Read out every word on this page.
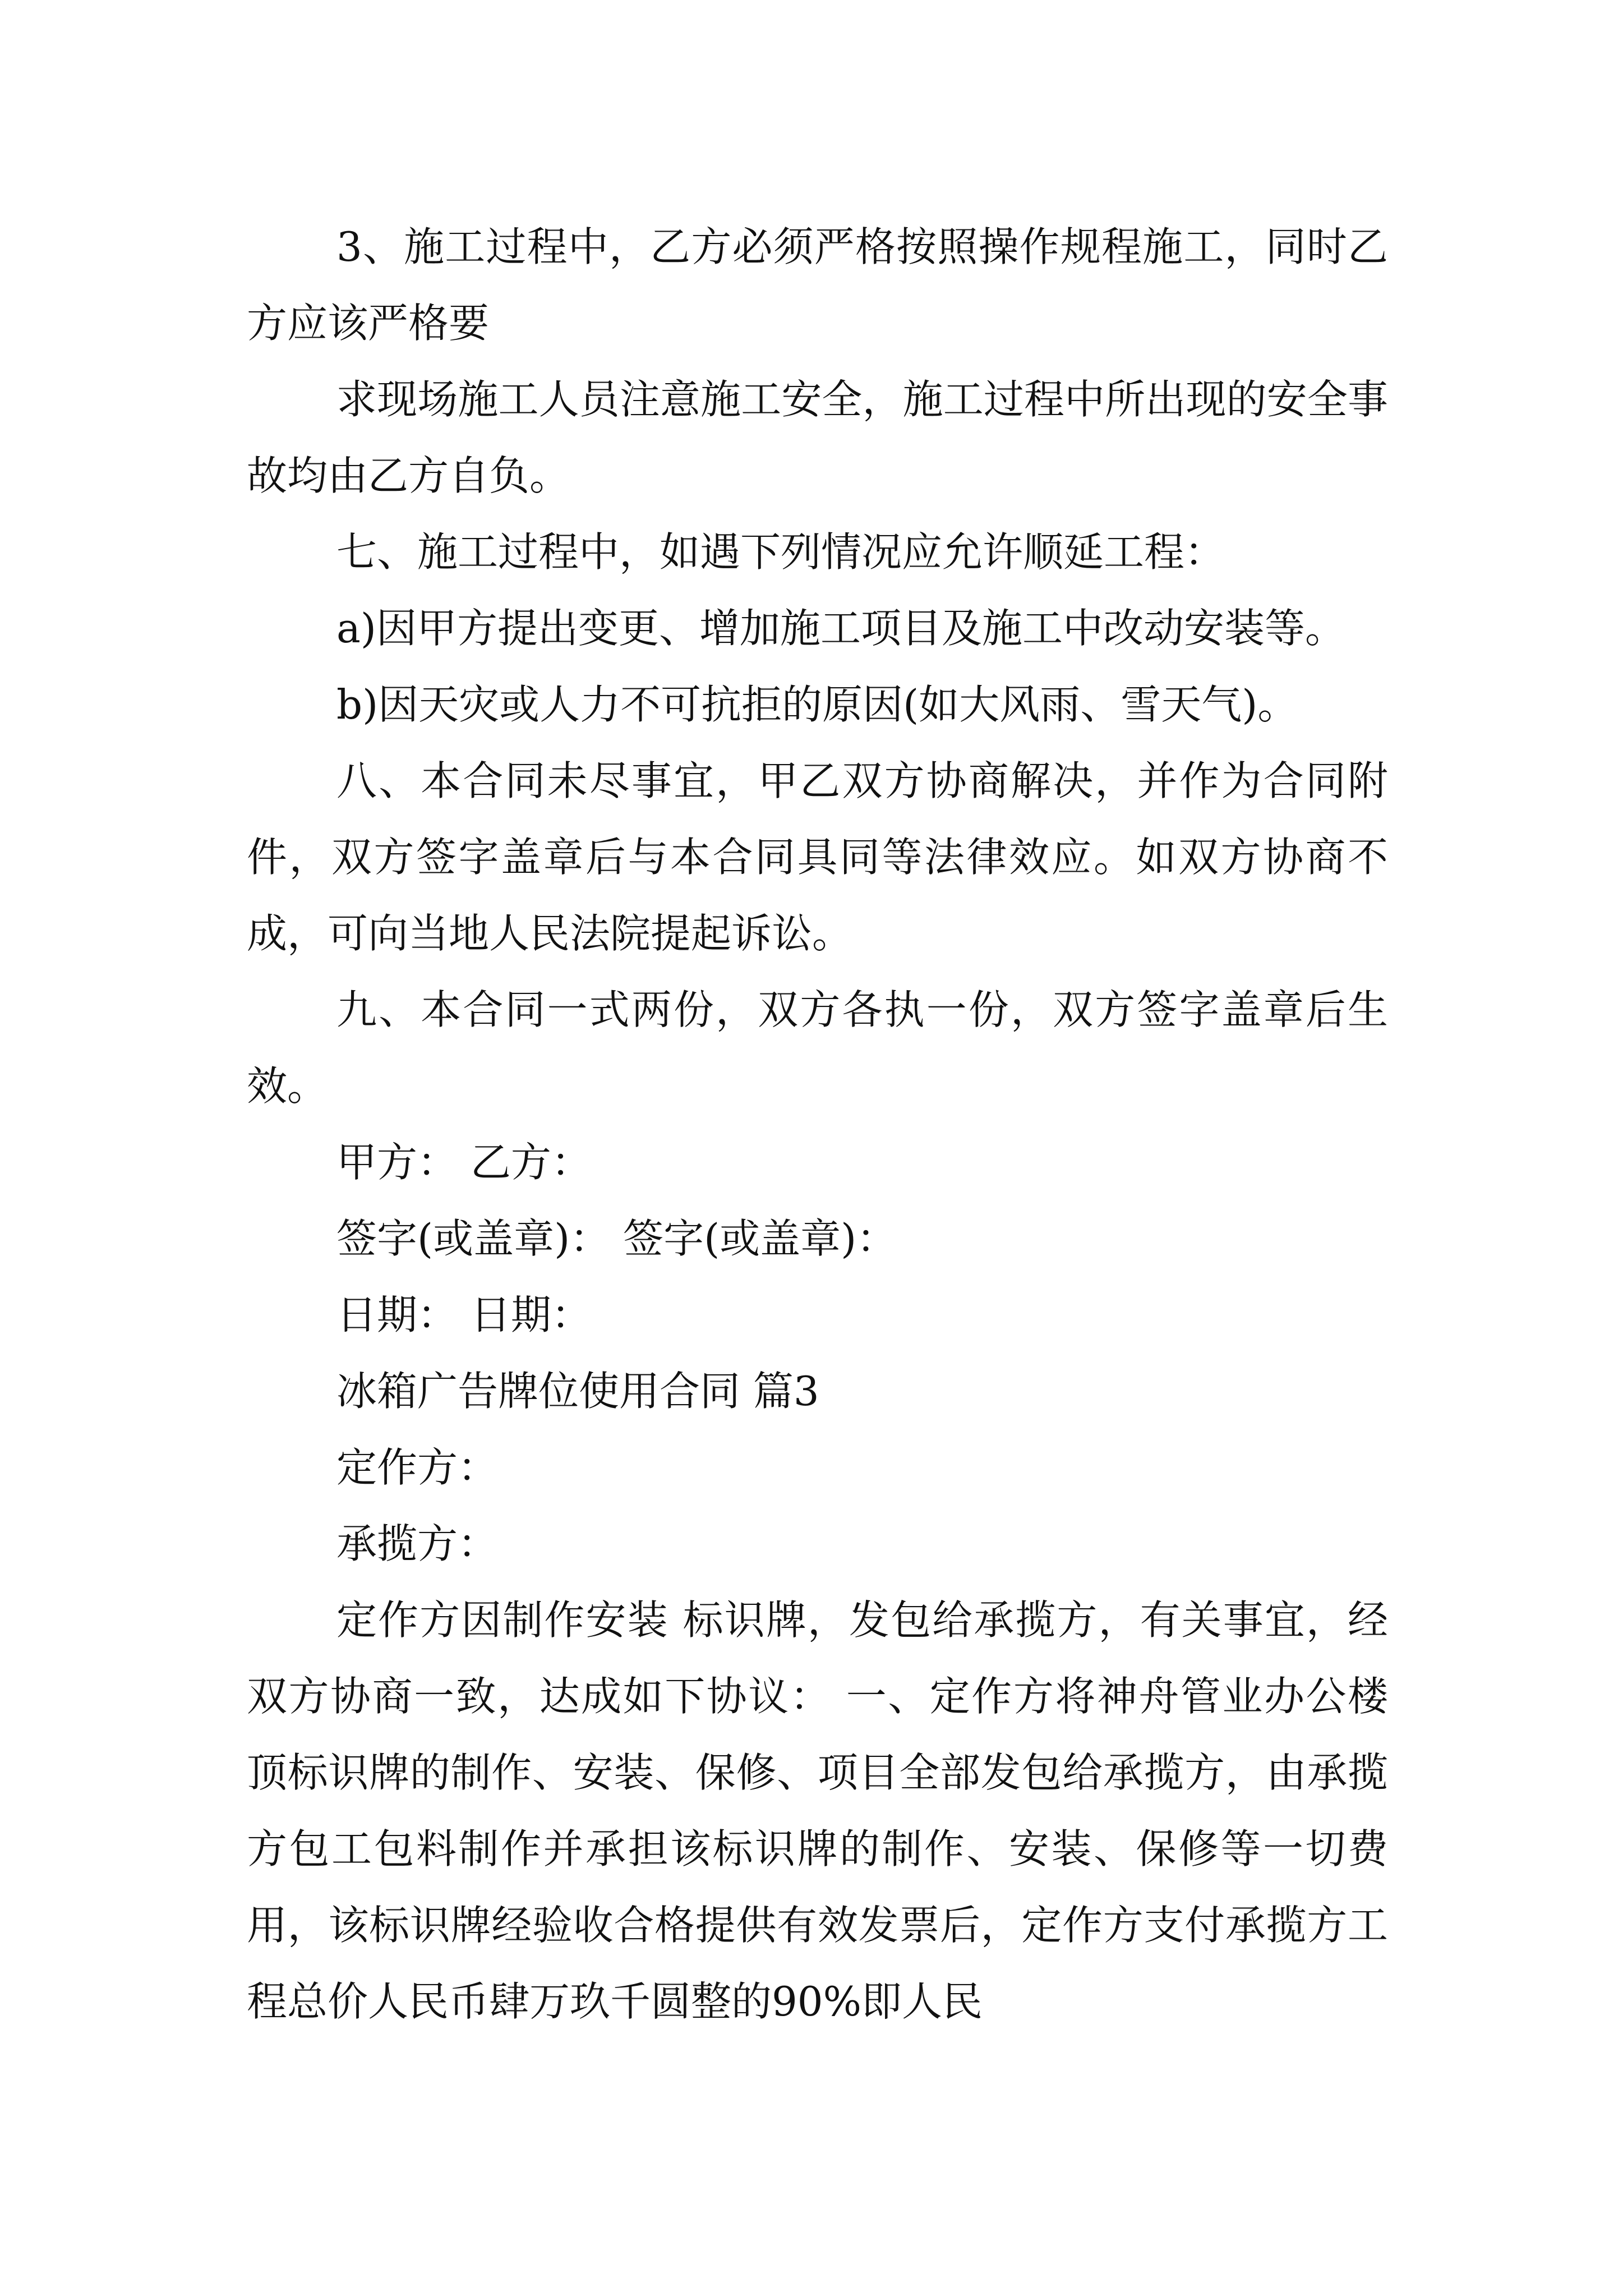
3、施工过程中，乙方必须严格按照操作规程施工，同时乙方应该严格要

求现场施工人员注意施工安全，施工过程中所出现的安全事故均由乙方自负。

七、施工过程中，如遇下列情况应允许顺延工程：

a)因甲方提出变更、增加施工项目及施工中改动安装等。

b)因天灾或人力不可抗拒的原因(如大风雨、雪天气)。

八、本合同未尽事宜，甲乙双方协商解决，并作为合同附件，双方签字盖章后与本合同具同等法律效应。如双方协商不成，可向当地人民法院提起诉讼。

九、本合同一式两份，双方各执一份，双方签字盖章后生效。

甲方： 乙方：

签字(或盖章)： 签字(或盖章)：

日期： 日期：

冰箱广告牌位使用合同 篇3

定作方：

承揽方：

定作方因制作安装 标识牌，发包给承揽方，有关事宜，经双方协商一致，达成如下协议： 一、定作方将神舟管业办公楼顶标识牌的制作、安装、保修、项目全部发包给承揽方，由承揽方包工包料制作并承担该标识牌的制作、安装、保修等一切费用，该标识牌经验收合格提供有效发票后，定作方支付承揽方工程总价人民币肆万玖千圆整的90%即人民
